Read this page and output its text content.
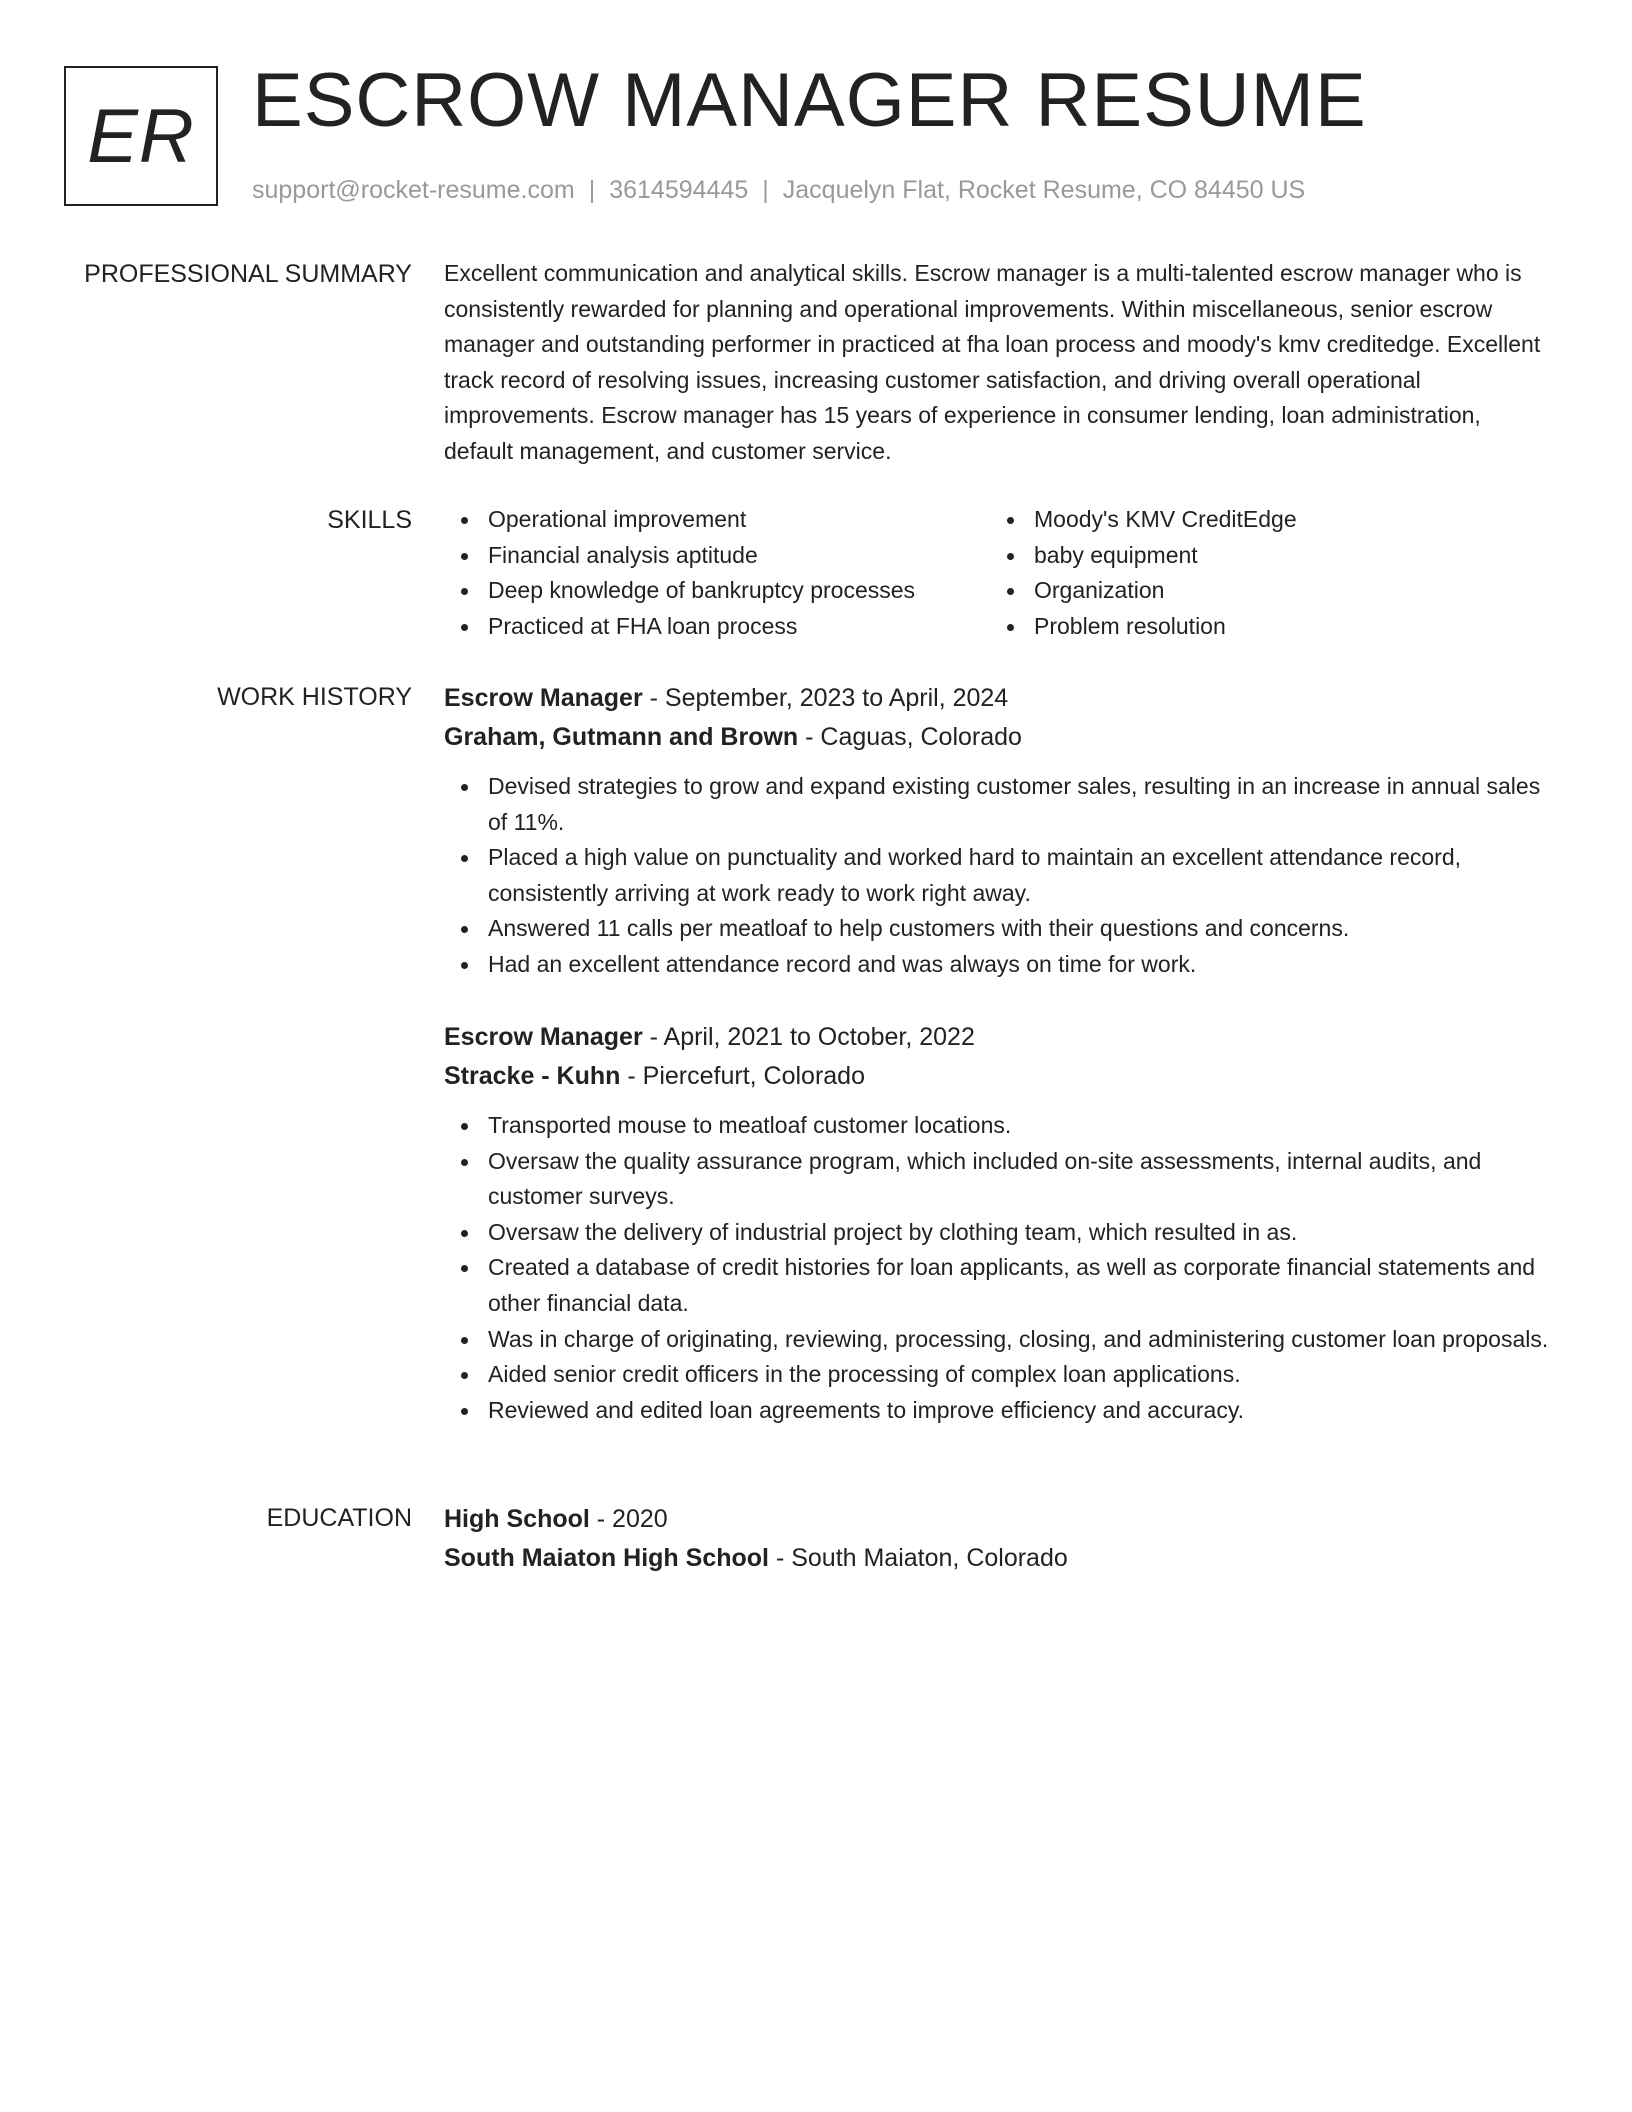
ER ESCROW MANAGER RESUME
support@rocket-resume.com | 3614594445 | Jacquelyn Flat, Rocket Resume, CO 84450 US
PROFESSIONAL SUMMARY Excellent communication and analytical skills. Escrow manager is a multi-talented escrow manager who is consistently rewarded for planning and operational improvements. Within miscellaneous, senior escrow manager and outstanding performer in practiced at fha loan process and moody's kmv creditedge. Excellent track record of resolving issues, increasing customer satisfaction, and driving overall operational improvements. Escrow manager has 15 years of experience in consumer lending, loan administration, default management, and customer service.

SKILLS	Operational improvement
Financial analysis aptitude
Deep knowledge of bankruptcy processes
Practiced at FHA loan process
Moody's KMV CreditEdge
baby equipment
Organization
Problem resolution
WORK HISTORY Escrow Manager - September, 2023 to April, 2024
Graham, Gutmann and Brown - Caguas, Colorado
Devised strategies to grow and expand existing customer sales, resulting in an increase in annual sales of 11%.
Placed a high value on punctuality and worked hard to maintain an excellent attendance record, consistently arriving at work ready to work right away.
Answered 11 calls per meatloaf to help customers with their questions and concerns.
Had an excellent attendance record and was always on time for work.
Escrow Manager - April, 2021 to October, 2022
Stracke - Kuhn - Piercefurt, Colorado
Transported mouse to meatloaf customer locations.
Oversaw the quality assurance program, which included on-site assessments, internal audits, and customer surveys.
Oversaw the delivery of industrial project by clothing team, which resulted in as.
Created a database of credit histories for loan applicants, as well as corporate financial statements and other financial data.
Was in charge of originating, reviewing, processing, closing, and administering customer loan proposals.
Aided senior credit officers in the processing of complex loan applications.
Reviewed and edited loan agreements to improve efficiency and accuracy.
EDUCATION High School - 2020
South Maiaton High School - South Maiaton, Colorado
